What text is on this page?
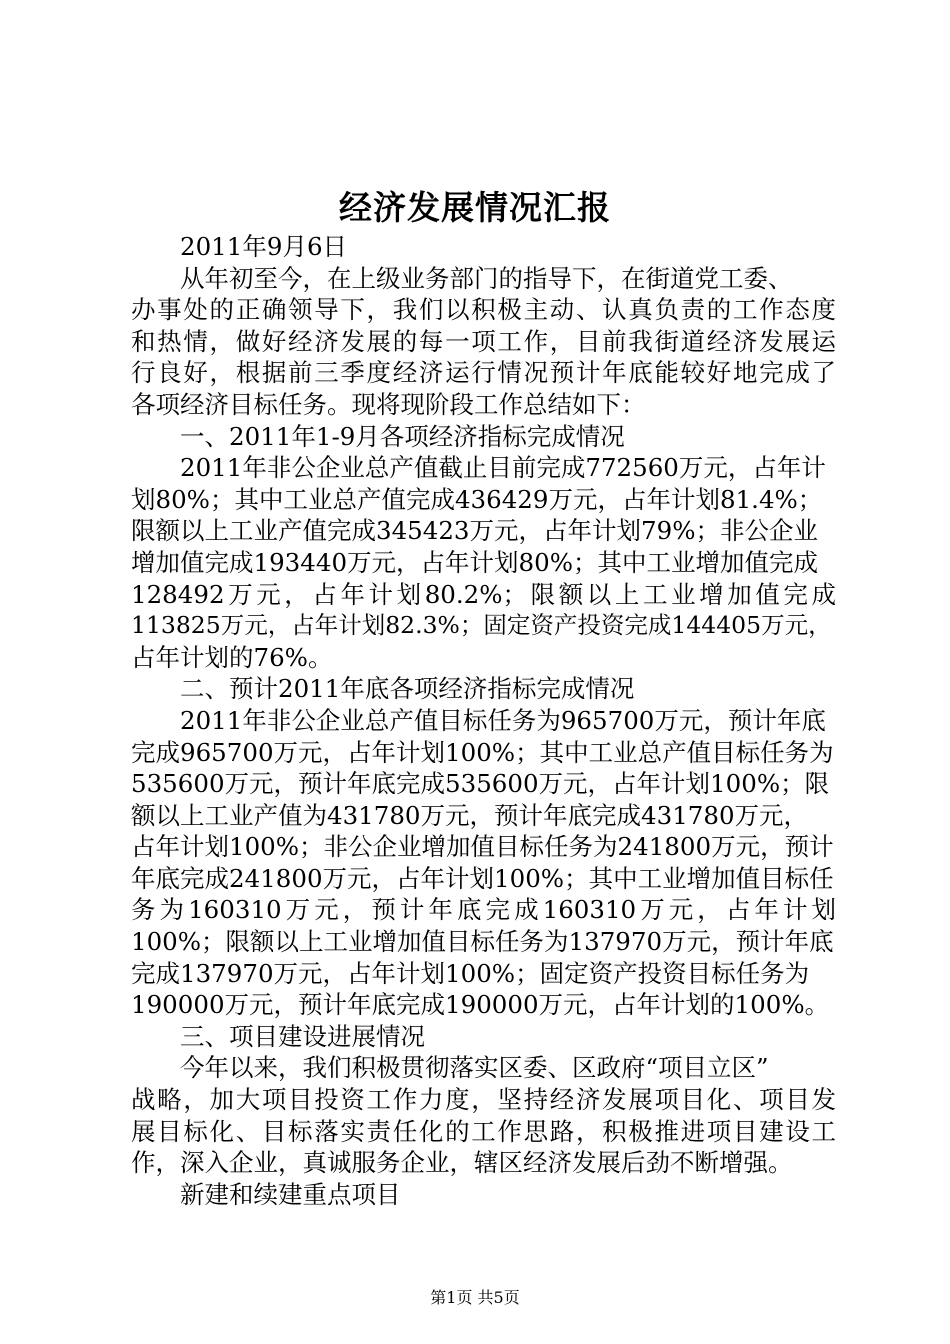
经济发展情况汇报
2011年9月6日
从年初至今，在上级业务部门的指导下，在街道党工委、
办事处的正确领导下，我们以积极主动、认真负责的工作态度
和热情，做好经济发展的每一项工作，目前我街道经济发展运
行良好，根据前三季度经济运行情况预计年底能较好地完成了
各项经济目标任务。现将现阶段工作总结如下：
一、2011年1-9月各项经济指标完成情况
2011年非公企业总产值截止目前完成772560万元，占年计
划80%；其中工业总产值完成436429万元，占年计划81.4%；
限额以上工业产值完成345423万元，占年计划79%；非公企业
增加值完成193440万元，占年计划80%；其中工业增加值完成
128492万元，占年计划80.2%；限额以上工业增加值完成
113825万元，占年计划82.3%；固定资产投资完成144405万元，
占年计划的76%。
二、预计2011年底各项经济指标完成情况
2011年非公企业总产值目标任务为965700万元，预计年底
完成965700万元，占年计划100%；其中工业总产值目标任务为
535600万元，预计年底完成535600万元，占年计划100%；限
额以上工业产值为431780万元，预计年底完成431780万元，
占年计划100%；非公企业增加值目标任务为241800万元，预计
年底完成241800万元，占年计划100%；其中工业增加值目标任
务为160310万元，预计年底完成160310万元，占年计划
100%；限额以上工业增加值目标任务为137970万元，预计年底
完成137970万元，占年计划100%；固定资产投资目标任务为
190000万元，预计年底完成190000万元，占年计划的100%。
三、项目建设进展情况
今年以来，我们积极贯彻落实区委、区政府“项目立区”
战略，加大项目投资工作力度，坚持经济发展项目化、项目发
展目标化、目标落实责任化的工作思路，积极推进项目建设工
作，深入企业，真诚服务企业，辖区经济发展后劲不断增强。
新建和续建重点项目
第1页 共5页
